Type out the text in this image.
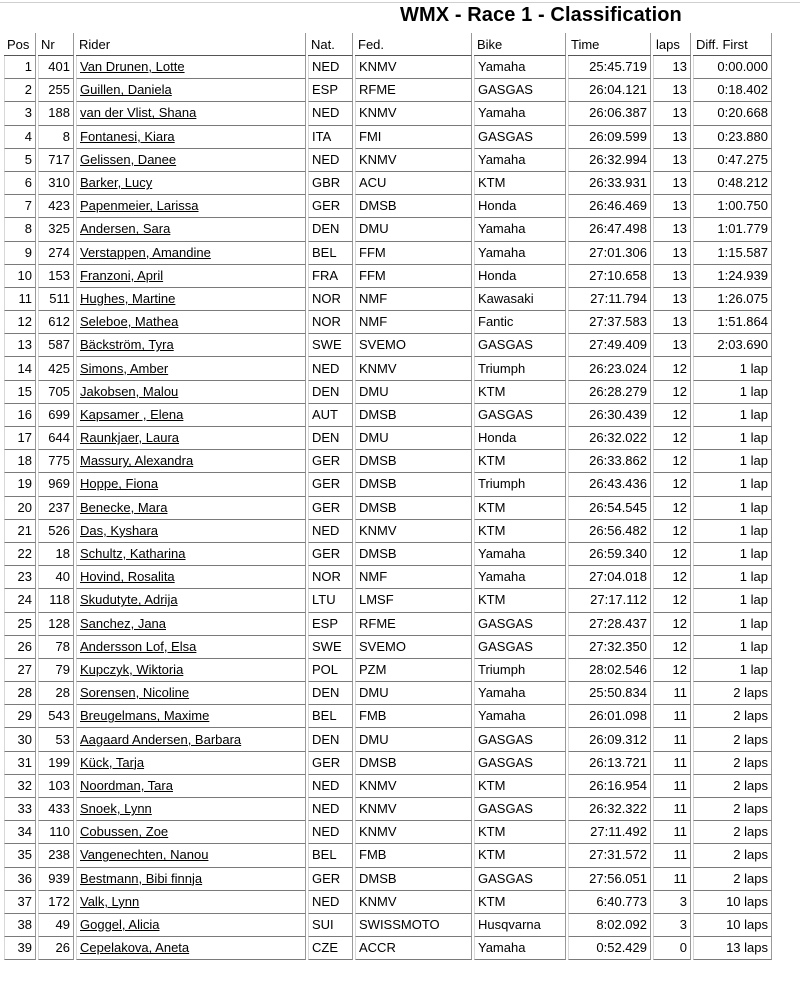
WMX - Race 1 - Classification
Pos	Nr	Rider	Nat.	Fed.	Bike	Time	laps	Diff. First
1	401	Van Drunen, Lotte	NED	KNMV	Yamaha	25:45.719	13	0:00.000
2	255	Guillen, Daniela	ESP	RFME	GASGAS	26:04.121	13	0:18.402
3	188	van der Vlist, Shana	NED	KNMV	Yamaha	26:06.387	13	0:20.668
4	8	Fontanesi, Kiara	ITA	FMI	GASGAS	26:09.599	13	0:23.880
5	717	Gelissen, Danee	NED	KNMV	Yamaha	26:32.994	13	0:47.275
6	310	Barker, Lucy	GBR	ACU	KTM	26:33.931	13	0:48.212
7	423	Papenmeier, Larissa	GER	DMSB	Honda	26:46.469	13	1:00.750
8	325	Andersen, Sara	DEN	DMU	Yamaha	26:47.498	13	1:01.779
9	274	Verstappen, Amandine	BEL	FFM	Yamaha	27:01.306	13	1:15.587
10	153	Franzoni, April	FRA	FFM	Honda	27:10.658	13	1:24.939
11	511	Hughes, Martine	NOR	NMF	Kawasaki	27:11.794	13	1:26.075
12	612	Seleboe, Mathea	NOR	NMF	Fantic	27:37.583	13	1:51.864
13	587	Bäckström, Tyra	SWE	SVEMO	GASGAS	27:49.409	13	2:03.690
14	425	Simons, Amber	NED	KNMV	Triumph	26:23.024	12	1 lap
15	705	Jakobsen, Malou	DEN	DMU	KTM	26:28.279	12	1 lap
16	699	Kapsamer , Elena	AUT	DMSB	GASGAS	26:30.439	12	1 lap
17	644	Raunkjaer, Laura	DEN	DMU	Honda	26:32.022	12	1 lap
18	775	Massury, Alexandra	GER	DMSB	KTM	26:33.862	12	1 lap
19	969	Hoppe, Fiona	GER	DMSB	Triumph	26:43.436	12	1 lap
20	237	Benecke, Mara	GER	DMSB	KTM	26:54.545	12	1 lap
21	526	Das, Kyshara	NED	KNMV	KTM	26:56.482	12	1 lap
22	18	Schultz, Katharina	GER	DMSB	Yamaha	26:59.340	12	1 lap
23	40	Hovind, Rosalita	NOR	NMF	Yamaha	27:04.018	12	1 lap
24	118	Skudutyte, Adrija	LTU	LMSF	KTM	27:17.112	12	1 lap
25	128	Sanchez, Jana	ESP	RFME	GASGAS	27:28.437	12	1 lap
26	78	Andersson Lof, Elsa	SWE	SVEMO	GASGAS	27:32.350	12	1 lap
27	79	Kupczyk, Wiktoria	POL	PZM	Triumph	28:02.546	12	1 lap
28	28	Sorensen, Nicoline	DEN	DMU	Yamaha	25:50.834	11	2 laps
29	543	Breugelmans, Maxime	BEL	FMB	Yamaha	26:01.098	11	2 laps
30	53	Aagaard Andersen, Barbara	DEN	DMU	GASGAS	26:09.312	11	2 laps
31	199	Kück, Tarja	GER	DMSB	GASGAS	26:13.721	11	2 laps
32	103	Noordman, Tara	NED	KNMV	KTM	26:16.954	11	2 laps
33	433	Snoek, Lynn	NED	KNMV	GASGAS	26:32.322	11	2 laps
34	110	Cobussen, Zoe	NED	KNMV	KTM	27:11.492	11	2 laps
35	238	Vangenechten, Nanou	BEL	FMB	KTM	27:31.572	11	2 laps
36	939	Bestmann, Bibi finnja	GER	DMSB	GASGAS	27:56.051	11	2 laps
37	172	Valk, Lynn	NED	KNMV	KTM	6:40.773	3	10 laps
38	49	Goggel, Alicia	SUI	SWISSMOTO	Husqvarna	8:02.092	3	10 laps
39	26	Cepelakova, Aneta	CZE	ACCR	Yamaha	0:52.429	0	13 laps
